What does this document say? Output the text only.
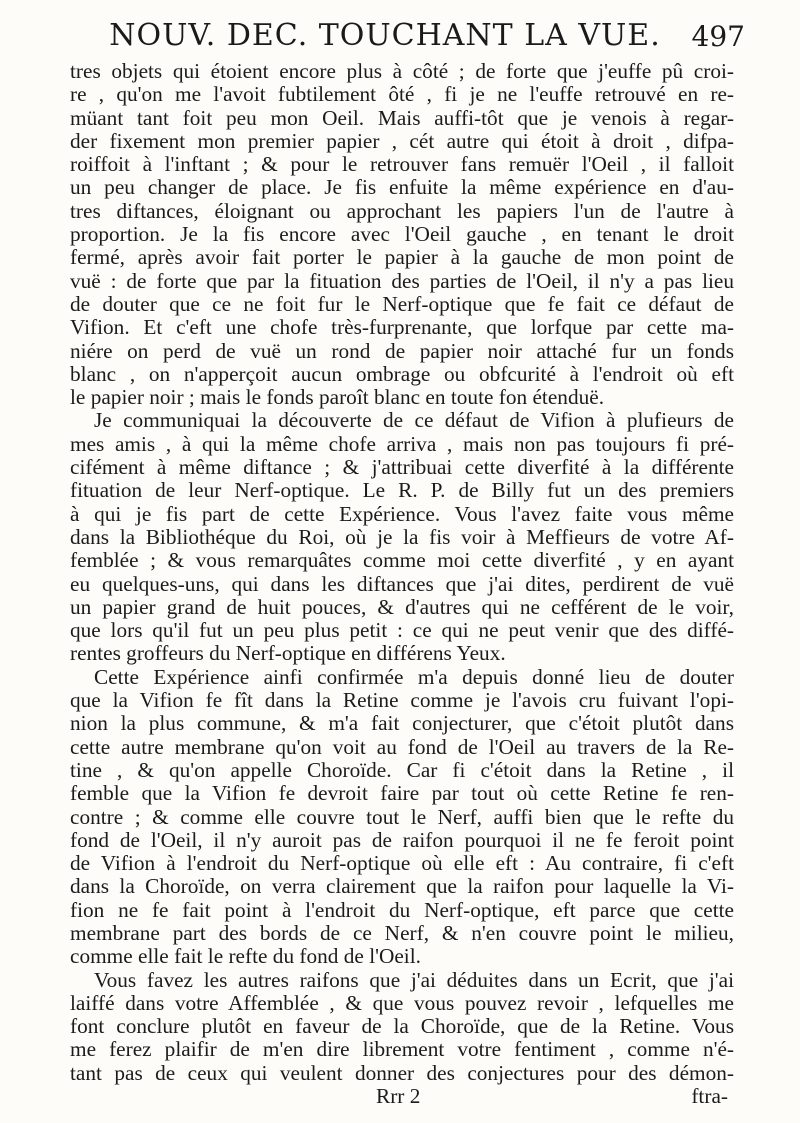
NOUV. DEC. TOUCHANT LA VUE.	497
tres objets qui étoient encore plus à côté ; de forte que j'euffe pû croi-
re , qu'on me l'avoit fubtilement ôté , fi je ne l'euffe retrouvé en re-
müant tant foit peu mon Oeil. Mais auffi-tôt que je venois à regar-
der fixement mon premier papier , cét autre qui étoit à droit , difpa-
roiffoit à l'inftant ; & pour le retrouver fans remuër l'Oeil , il falloit
un peu changer de place. Je fis enfuite la même expérience en d'au-
tres diftances, éloignant ou approchant les papiers l'un de l'autre à
proportion. Je la fis encore avec l'Oeil gauche , en tenant le droit
fermé, après avoir fait porter le papier à la gauche de mon point de
vuë : de forte que par la fituation des parties de l'Oeil, il n'y a pas lieu
de douter que ce ne foit fur le Nerf-optique que fe fait ce défaut de
Vifion. Et c'eft une chofe très-furprenante, que lorfque par cette ma-
niére on perd de vuë un rond de papier noir attaché fur un fonds
blanc , on n'apperçoit aucun ombrage ou obfcurité à l'endroit où eft
le papier noir ; mais le fonds paroît blanc en toute fon étenduë.
Je communiquai la découverte de ce défaut de Vifion à plufieurs de
mes amis , à qui la même chofe arriva , mais non pas toujours fi pré-
cifément à même diftance ; & j'attribuai cette diverfité à la différente
fituation de leur Nerf-optique. Le R. P. de Billy fut un des premiers
à qui je fis part de cette Expérience. Vous l'avez faite vous même
dans la Bibliothéque du Roi, où je la fis voir à Meffieurs de votre Af-
femblée ; & vous remarquâtes comme moi cette diverfité , y en ayant
eu quelques-uns, qui dans les diftances que j'ai dites, perdirent de vuë
un papier grand de huit pouces, & d'autres qui ne cefférent de le voir,
que lors qu'il fut un peu plus petit : ce qui ne peut venir que des diffé-
rentes groffeurs du Nerf-optique en différens Yeux.
Cette Expérience ainfi confirmée m'a depuis donné lieu de douter
que la Vifion fe fît dans la Retine comme je l'avois cru fuivant l'opi-
nion la plus commune, & m'a fait conjecturer, que c'étoit plutôt dans
cette autre membrane qu'on voit au fond de l'Oeil au travers de la Re-
tine , & qu'on appelle Choroïde. Car fi c'étoit dans la Retine , il
femble que la Vifion fe devroit faire par tout où cette Retine fe ren-
contre ; & comme elle couvre tout le Nerf, auffi bien que le refte du
fond de l'Oeil, il n'y auroit pas de raifon pourquoi il ne fe feroit point
de Vifion à l'endroit du Nerf-optique où elle eft : Au contraire, fi c'eft
dans la Choroïde, on verra clairement que la raifon pour laquelle la Vi-
fion ne fe fait point à l'endroit du Nerf-optique, eft parce que cette
membrane part des bords de ce Nerf, & n'en couvre point le milieu,
comme elle fait le refte du fond de l'Oeil.
Vous favez les autres raifons que j'ai déduites dans un Ecrit, que j'ai
laiffé dans votre Affemblée , & que vous pouvez revoir , lefquelles me
font conclure plutôt en faveur de la Choroïde, que de la Retine. Vous
me ferez plaifir de m'en dire librement votre fentiment , comme n'é-
tant pas de ceux qui veulent donner des conjectures pour des démon-
Rrr 2	ftra-
